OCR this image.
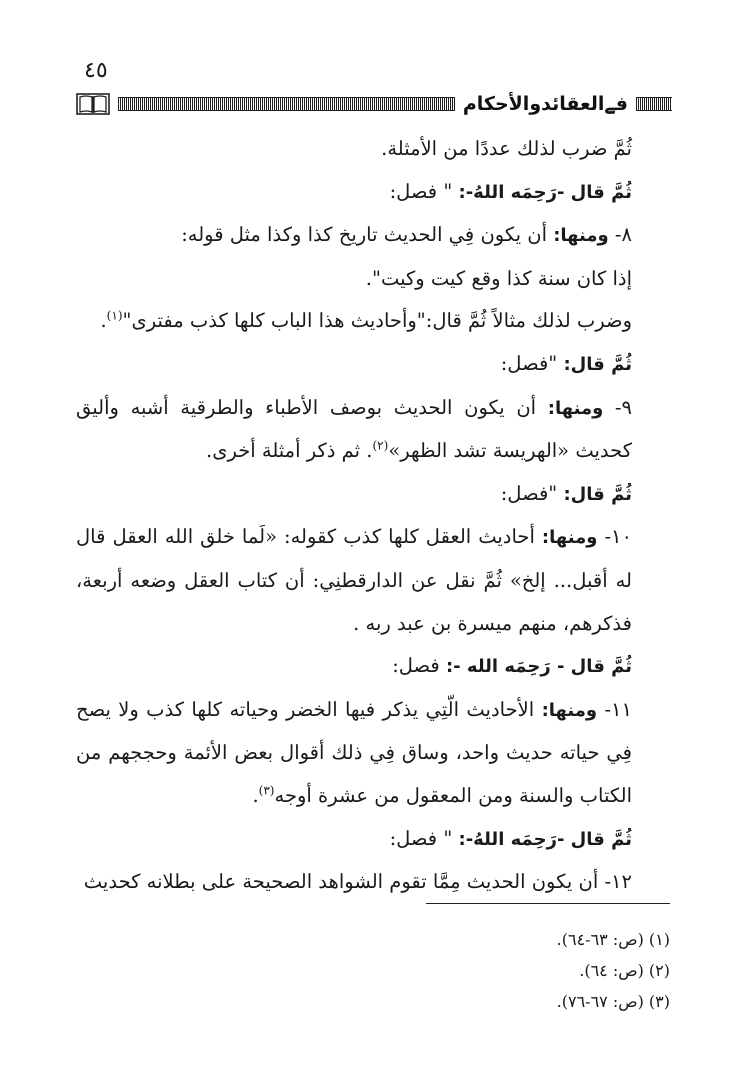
٤٥
فےالعقائدوالأحكام

ثُمَّ ضرب لذلك عددًا من الأمثلة.

ثُمَّ قال -رَحِمَه اللهُ-: " فصل:

٨- ومنها: أن يكون فِي الحديث تاريخ كذا وكذا مثل قوله:

إذا كان سنة كذا وقع كيت وكيت".

وضرب لذلك مثالاً ثُمَّ قال:"وأحاديث هذا الباب كلها كذب مفترى"$^{(١)}$.

ثُمَّ قال: "فصل:

٩- ومنها: أن يكون الحديث بوصف الأطباء والطرقية أشبه وأليق كحديث «الهريسة تشد الظهر»$^{(٢)}$. ثم ذكر أمثلة أخرى.

ثُمَّ قال: "فصل:

١٠- ومنها: أحاديث العقل كلها كذب كقوله: «لَما خلق الله العقل قال له أقبل... إلخ» ثُمَّ نقل عن الدارقطنِي: أن كتاب العقل وضعه أربعة، فذكرهم، منهم ميسرة بن عبد ربه .

ثُمَّ قال - رَحِمَه الله -: فصل:

١١- ومنها: الأحاديث الّتِي يذكر فيها الخضر وحياته كلها كذب ولا يصح فِي حياته حديث واحد، وساق فِي ذلك أقوال بعض الأئمة وحججهم من الكتاب والسنة ومن المعقول من عشرة أوجه$^{(٣)}$.

ثُمَّ قال -رَحِمَه اللهُ-: " فصل:

١٢- أن يكون الحديث مِمَّا تقوم الشواهد الصحيحة على بطلانه كحديث

(١) (ص: ٦٣-٦٤).
(٢) (ص: ٦٤).
(٣) (ص: ٦٧-٧٦).
